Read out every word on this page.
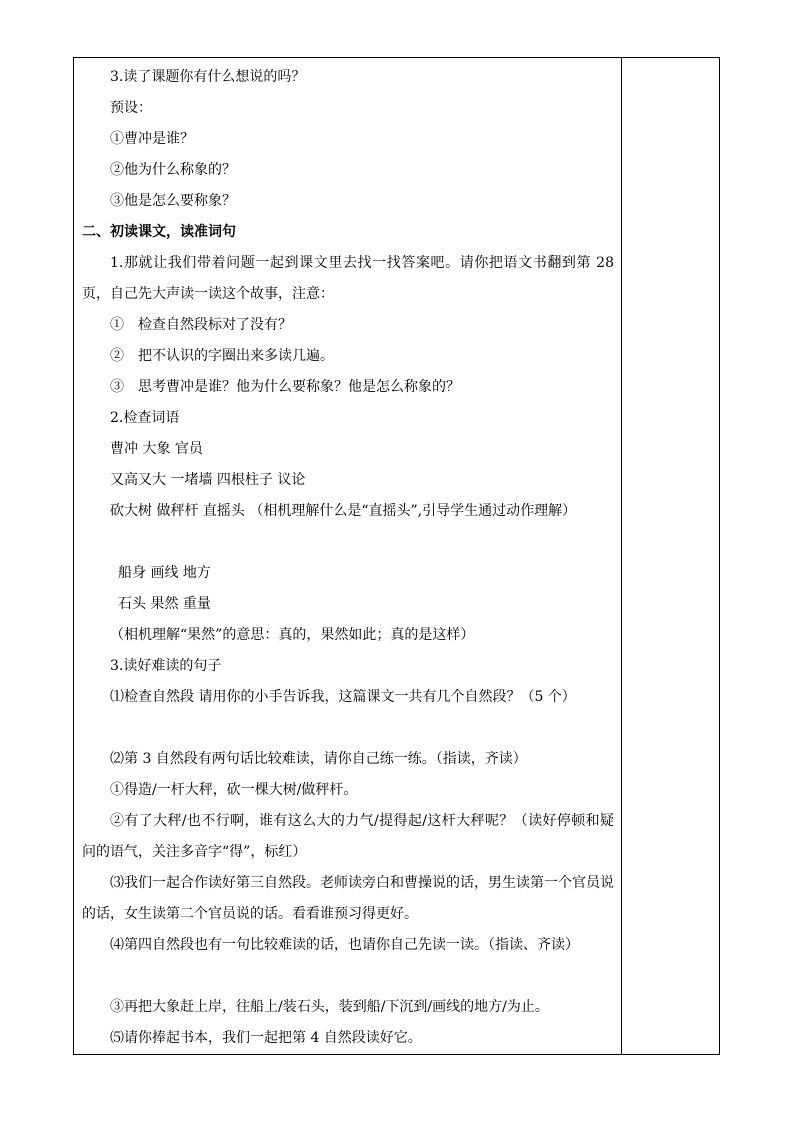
3.读了课题你有什么想说的吗？
预设：
①曹冲是谁？
②他为什么称象的？
③他是怎么要称象？
二、初读课文，读准词句
1.那就让我们带着问题一起到课文里去找一找答案吧。请你把语文书翻到第 28 页，自己先大声读一读这个故事，注意：
①　检查自然段标对了没有？
②　把不认识的字圈出来多读几遍。
③　思考曹冲是谁？他为什么要称象？他是怎么称象的？
2.检查词语
曹冲 大象 官员
又高又大 一堵墙 四根柱子 议论
砍大树 做秤杆 直摇头 （相机理解什么是“直摇头”,引导学生通过动作理解）
船身 画线 地方
石头 果然 重量
（相机理解“果然”的意思：真的，果然如此；真的是这样）
3.读好难读的句子
⑴检查自然段 请用你的小手告诉我，这篇课文一共有几个自然段？（5 个）
⑵第 3 自然段有两句话比较难读，请你自己练一练。（指读，齐读）
①得造/一杆大秤，砍一棵大树/做秤杆。
②有了大秤/也不行啊，谁有这么大的力气/提得起/这杆大秤呢？（读好停顿和疑问的语气，关注多音字“得”，标红）
⑶我们一起合作读好第三自然段。老师读旁白和曹操说的话，男生读第一个官员说的话，女生读第二个官员说的话。看看谁预习得更好。
⑷第四自然段也有一句比较难读的话，也请你自己先读一读。（指读、齐读）
③再把大象赶上岸，往船上/装石头，装到船/下沉到/画线的地方/为止。
⑸请你捧起书本，我们一起把第 4 自然段读好它。
